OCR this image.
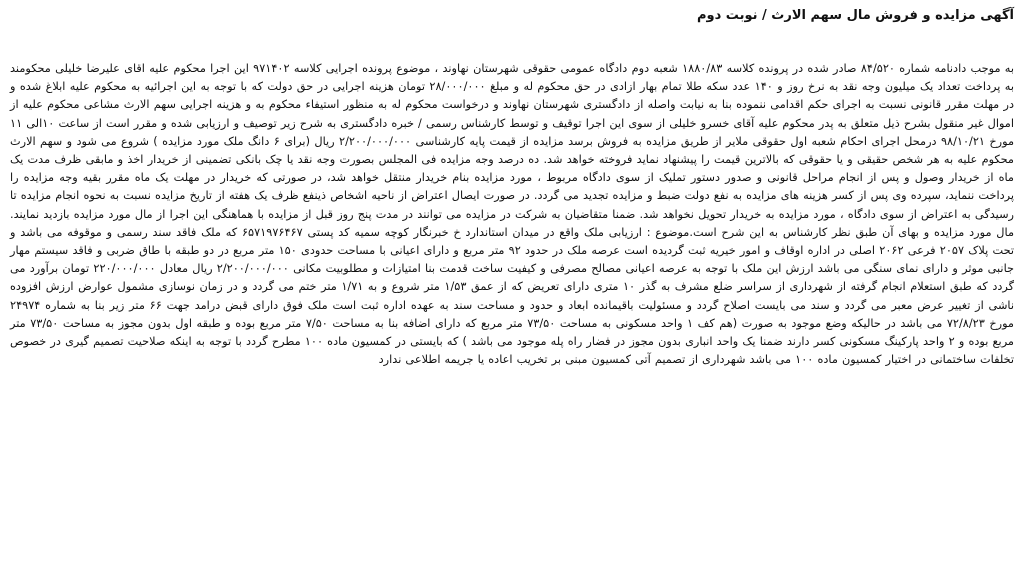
آگهی مزایده و فروش مال سهم الارث / نوبت دوم

به موجب دادنامه شماره ۸۴/۵۲۰ صادر شده در پرونده کلاسه ۱۸۸۰/۸۳ شعبه دوم دادگاه عمومی حقوقی شهرستان نهاوند ، موضوع پرونده اجرایی کلاسه ۹۷۱۴۰۲ این اجرا محکوم علیه اقای علیرضا خلیلی محکومند به پرداخت تعداد یک میلیون وجه نقد به نرخ روز و ۱۴۰ عدد سکه طلا تمام بهار ازادی در حق محکوم له و مبلغ ۲۸/۰۰۰/۰۰۰ تومان هزینه اجرایی در حق دولت که با توجه به این اجرائیه به محکوم علیه ابلاغ شده و در مهلت مقرر قانونی نسبت به اجرای حکم اقدامی ننموده بنا به نیابت واصله از دادگستری شهرستان نهاوند و درخواست محکوم له به منظور استیفاء محکوم به و هزینه اجرایی سهم الارث مشاعی محکوم علیه از اموال غیر منقول بشرح ذیل متعلق به پدر محکوم علیه آقای خسرو خلیلی از سوی این اجرا توقیف و توسط کارشناس رسمی / خبره دادگستری به شرح زیر توصیف و ارزیابی شده و مقرر است از ساعت ۱۰الی ۱۱ مورخ ۹۸/۱۰/۲۱ درمحل اجرای احکام شعبه اول حقوقی ملایر از طریق مزایده به فروش برسد مزایده از قیمت پایه کارشناسی ۲/۲۰۰/۰۰۰/۰۰۰ ریال (برای ۶ دانگ ملک مورد مزایده ) شروع می شود و سهم الارث محکوم علیه به هر شخص حقیقی و یا حقوقی که بالاترین قیمت را پیشنهاد نماید فروخته خواهد شد. ده درصد وجه مزایده فی المجلس بصورت وجه نقد یا چک بانکی تضمینی از خریدار اخذ و مابقی ظرف مدت یک ماه از خریدار وصول و پس از انجام مراحل قانونی و صدور دستور تملیک از سوی دادگاه مربوط ، مورد مزایده بنام خریدار منتقل خواهد شد، در صورتی که خریدار در مهلت یک ماه مقرر بقیه وجه مزایده را پرداخت ننماید، سپرده وی پس از کسر هزینه های مزایده به نفع دولت ضبط و مزایده تجدید می گردد. در صورت ایصال اعتراض از ناحیه اشخاص ذینفع ظرف یک هفته از تاریخ مزایده نسبت به نحوه انجام مزایده تا رسیدگی به اعتراض از سوی دادگاه ، مورد مزایده به خریدار تحویل نخواهد شد. ضمنا متقاضیان به شرکت در مزایده می توانند در مدت پنج روز قبل از مزایده با هماهنگی این اجرا از مال مورد مزایده بازدید نمایند. مال مورد مزایده و بهای آن طبق نظر کارشناس به این شرح است.موضوع : ارزیابی ملک واقع در میدان استاندارد خ خبرنگار کوچه سمیه کد پستی ۶۵۷۱۹۷۶۴۶۷ که ملک فاقد سند رسمی و موقوفه می باشد و تحت پلاک ۲۰۵۷ فرعی ۲۰۶۲ اصلی در اداره اوقاف و امور خیریه ثبت گردیده است عرصه ملک در حدود ۹۲ متر مربع و دارای اعیانی با مساحت حدودی ۱۵۰ متر مربع در دو طبقه با طاق ضربی و فاقد سیستم مهار جانبی موثر و دارای نمای سنگی می باشد ارزش این ملک با توجه به عرصه اعیانی مصالح مصرفی و کیفیت ساخت قدمت بنا امتیازات و مطلوبیت مکانی ۲/۲۰۰/۰۰۰/۰۰۰ ریال معادل ۲۲۰/۰۰۰/۰۰۰ تومان برآورد می گردد که طبق استعلام انجام گرفته از شهرداری از سراسر ضلع مشرف به گذر ۱۰ متری دارای تعریض که از عمق ۱/۵۳ متر شروع و به ۱/۷۱ متر ختم می گردد و در زمان نوسازی مشمول عوارض ارزش افزوده ناشی از تغییر عرض معبر می گردد و سند می بایست اصلاح گردد و مسئولیت باقیمانده ابعاد و حدود و مساحت سند به عهده اداره ثبت است ملک فوق دارای قبض درامد جهت ۶۶ متر زیر بنا به شماره ۲۴۹۷۴ مورخ ۷۲/۸/۲۳ می باشد در حالیکه وضع موجود به صورت (هم کف ۱ واحد مسکونی به مساحت ۷۳/۵۰ متر مربع که دارای اضافه بنا به مساحت ۷/۵۰ متر مربع بوده و طبقه اول بدون مجوز به مساحت ۷۳/۵۰ متر مربع بوده و ۲ واحد پارکینگ مسکونی کسر دارند ضمنا یک واحد انباری بدون مجوز در فضار راه پله موجود می باشد ) که بایستی در کمسیون ماده ۱۰۰ مطرح گردد با توجه به اینکه صلاحیت تصمیم گیری در خصوص تخلفات ساختمانی در اختیار کمسیون ماده ۱۰۰ می باشد شهرداری از تصمیم آتی کمسیون مبنی بر تخریب اعاده یا جریمه اطلاعی ندارد
